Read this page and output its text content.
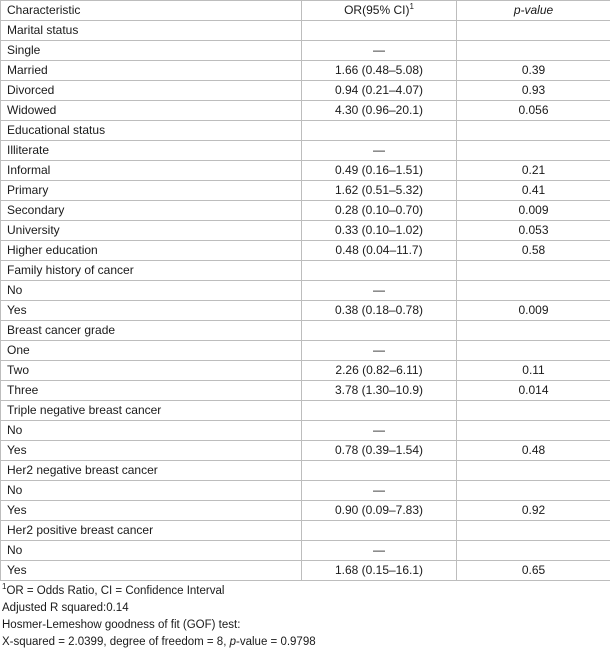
Characteristic	OR(95% CI)$^1$	p-value
Marital status		
Single	—	
Married	1.66 (0.48–5.08)	0.39
Divorced	0.94 (0.21–4.07)	0.93
Widowed	4.30 (0.96–20.1)	0.056
Educational status		
Illiterate	—	
Informal	0.49 (0.16–1.51)	0.21
Primary	1.62 (0.51–5.32)	0.41
Secondary	0.28 (0.10–0.70)	0.009
University	0.33 (0.10–1.02)	0.053
Higher education	0.48 (0.04–11.7)	0.58
Family history of cancer		
No	—	
Yes	0.38 (0.18–0.78)	0.009
Breast cancer grade		
One	—	
Two	2.26 (0.82–6.11)	0.11
Three	3.78 (1.30–10.9)	0.014
Triple negative breast cancer		
No	—	
Yes	0.78 (0.39–1.54)	0.48
Her2 negative breast cancer		
No	—	
Yes	0.90 (0.09–7.83)	0.92
Her2 positive breast cancer		
No	—	
Yes	1.68 (0.15–16.1)	0.65
$^1$OR = Odds Ratio, CI = Confidence Interval
Adjusted R squared:0.14
Hosmer-Lemeshow goodness of fit (GOF) test:
X-squared = 2.0399, degree of freedom = 8, p-value = 0.9798
